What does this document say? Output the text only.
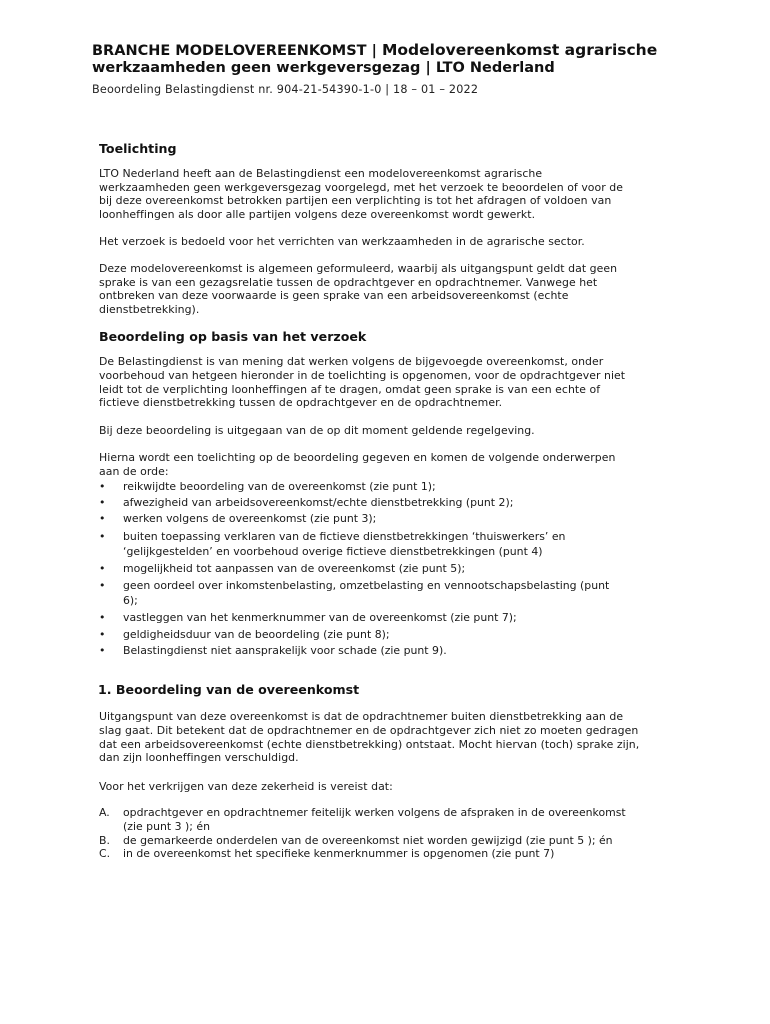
BRANCHE MODELOVEREENKOMST | Modelovereenkomst agrarische
werkzaamheden geen werkgeversgezag | LTO Nederland
Beoordeling Belastingdienst nr. 904-21-54390-1-0 | 18 – 01 – 2022
Toelichting

LTO Nederland heeft aan de Belastingdienst een modelovereenkomst agrarische
werkzaamheden geen werkgeversgezag voorgelegd, met het verzoek te beoordelen of voor de
bij deze overeenkomst betrokken partijen een verplichting is tot het afdragen of voldoen van
loonheffingen als door alle partijen volgens deze overeenkomst wordt gewerkt.

Het verzoek is bedoeld voor het verrichten van werkzaamheden in de agrarische sector.

Deze modelovereenkomst is algemeen geformuleerd, waarbij als uitgangspunt geldt dat geen
sprake is van een gezagsrelatie tussen de opdrachtgever en opdrachtnemer. Vanwege het
ontbreken van deze voorwaarde is geen sprake van een arbeidsovereenkomst (echte
dienstbetrekking).

Beoordeling op basis van het verzoek

De Belastingdienst is van mening dat werken volgens de bijgevoegde overeenkomst, onder
voorbehoud van hetgeen hieronder in de toelichting is opgenomen, voor de opdrachtgever niet
leidt tot de verplichting loonheffingen af te dragen, omdat geen sprake is van een echte of
fictieve dienstbetrekking tussen de opdrachtgever en de opdrachtnemer.

Bij deze beoordeling is uitgegaan van de op dit moment geldende regelgeving.

Hierna wordt een toelichting op de beoordeling gegeven en komen de volgende onderwerpen
aan de orde:

• reikwijdte beoordeling van de overeenkomst (zie punt 1);
• afwezigheid van arbeidsovereenkomst/echte dienstbetrekking (punt 2);
• werken volgens de overeenkomst (zie punt 3);
• buiten toepassing verklaren van de fictieve dienstbetrekkingen ‘thuiswerkers’ en
‘gelijkgestelden’ en voorbehoud overige fictieve dienstbetrekkingen (punt 4)
• mogelijkheid tot aanpassen van de overeenkomst (zie punt 5);
• geen oordeel over inkomstenbelasting, omzetbelasting en vennootschapsbelasting (punt
6);
• vastleggen van het kenmerknummer van de overeenkomst (zie punt 7);
• geldigheidsduur van de beoordeling (zie punt 8);
• Belastingdienst niet aansprakelijk voor schade (zie punt 9).
1. Beoordeling van de overeenkomst

Uitgangspunt van deze overeenkomst is dat de opdrachtnemer buiten dienstbetrekking aan de
slag gaat. Dit betekent dat de opdrachtnemer en de opdrachtgever zich niet zo moeten gedragen
dat een arbeidsovereenkomst (echte dienstbetrekking) ontstaat. Mocht hiervan (toch) sprake zijn,
dan zijn loonheffingen verschuldigd.

Voor het verkrijgen van deze zekerheid is vereist dat:

A. opdrachtgever en opdrachtnemer feitelijk werken volgens de afspraken in de overeenkomst
(zie punt 3 ); én
B. de gemarkeerde onderdelen van de overeenkomst niet worden gewijzigd (zie punt 5 ); én
C. in de overeenkomst het specifieke kenmerknummer is opgenomen (zie punt 7)
